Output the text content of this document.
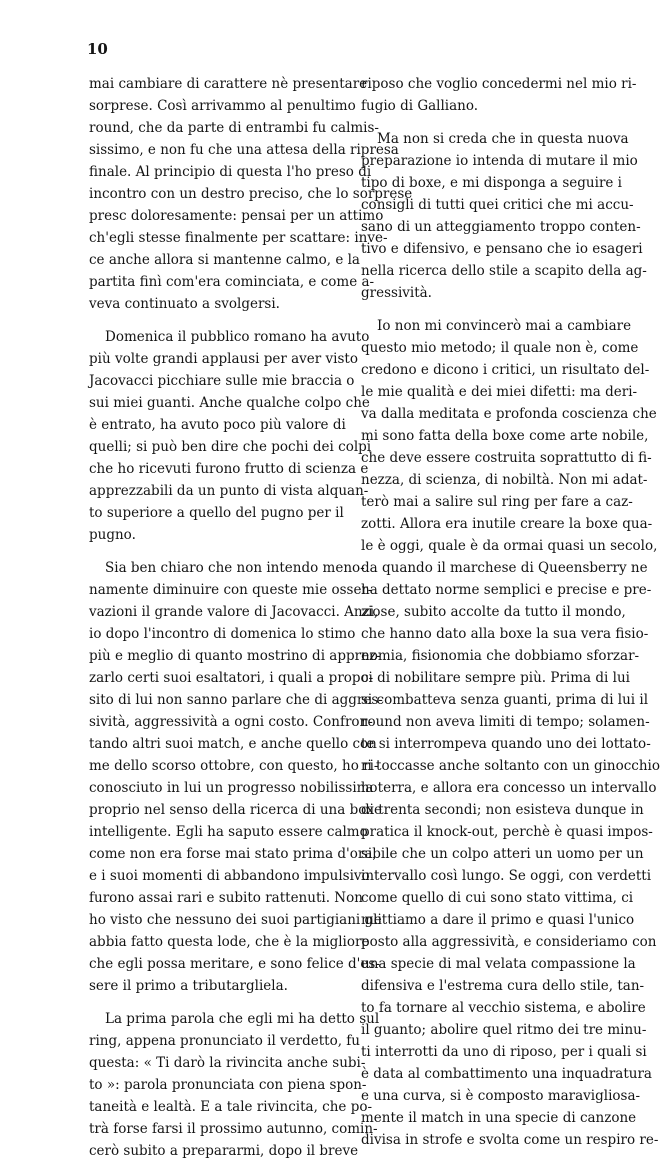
10
mai cambiare di carattere nè presentare
sorprese. Così arrivammo al penultimo
round, che da parte di entrambi fu calmis-
sissimo, e non fu che una attesa della ripresa
finale. Al principio di questa l'ho preso di
incontro con un destro preciso, che lo sorprese
presc doloresamente: pensai per un attimo
ch'egli stesse finalmente per scattare: inve-
ce anche allora si mantenne calmo, e la
partita finì com'era cominciata, e come a-
veva continuato a svolgersi.
Domenica il pubblico romano ha avuto
più volte grandi applausi per aver visto
Jacovacci picchiare sulle mie braccia o
sui miei guanti. Anche qualche colpo che
è entrato, ha avuto poco più valore di
quelli; si può ben dire che pochi dei colpi
che ho ricevuti furono frutto di scienza e
apprezzabili da un punto di vista alquan-
to superiore a quello del pugno per il
pugno.
Sia ben chiaro che non intendo meno-
namente diminuire con queste mie osser-
vazioni il grande valore di Jacovacci. Anzi,
io dopo l'incontro di domenica lo stimo
più e meglio di quanto mostrino di apprez-
zarlo certi suoi esaltatori, i quali a propo-
sito di lui non sanno parlare che di aggres-
sività, aggressività a ogni costo. Confron-
tando altri suoi match, e anche quello con
me dello scorso ottobre, con questo, ho ri-
conosciuto in lui un progresso nobilissimo
proprio nel senso della ricerca di una boxe
intelligente. Egli ha saputo essere calmo
come non era forse mai stato prima d'ora,
e i suoi momenti di abbandono impulsivo
furono assai rari e subito rattenuti. Non
ho visto che nessuno dei suoi partigiani gli
abbia fatto questa lode, che è la migliore
che egli possa meritare, e sono felice d'es-
sere il primo a tributargliela.
La prima parola che egli mi ha detto sul
ring, appena pronunciato il verdetto, fu
questa: « Ti darò la rivincita anche subi-
to »: parola pronunciata con piena spon-
taneità e lealtà. E a tale rivincita, che po-
trà forse farsi il prossimo autunno, comin-
cerò subito a prepararmi, dopo il breve
riposo che voglio concedermi nel mio ri-
fugio di Galliano.
Ma non si creda che in questa nuova
preparazione io intenda di mutare il mio
tipo di boxe, e mi disponga a seguire i
consigli di tutti quei critici che mi accu-
sano di un atteggiamento troppo conten-
tivo e difensivo, e pensano che io esageri
nella ricerca dello stile a scapito della ag-
gressività.
Io non mi convincerò mai a cambiare
questo mio metodo; il quale non è, come
credono e dicono i critici, un risultato del-
le mie qualità e dei miei difetti: ma deri-
va dalla meditata e profonda coscienza che
mi sono fatta della boxe come arte nobile,
che deve essere costruita soprattutto di fi-
nezza, di scienza, di nobiltà. Non mi adat-
terò mai a salire sul ring per fare a caz-
zotti. Allora era inutile creare la boxe qua-
le è oggi, quale è da ormai quasi un secolo,
da quando il marchese di Queensberry ne
ha dettato norme semplici e precise e pre-
ziose, subito accolte da tutto il mondo,
che hanno dato alla boxe la sua vera fisio-
nomia, fisionomia che dobbiamo sforzar-
ci di nobilitare sempre più. Prima di lui
si combatteva senza guanti, prima di lui il
round non aveva limiti di tempo; solamen-
te si interrompeva quando uno dei lottato-
ri toccasse anche soltanto con un ginocchio
la terra, e allora era concesso un intervallo
di trenta secondi; non esisteva dunque in
pratica il knock-out, perchè è quasi impos-
sibile che un colpo atteri un uomo per un
intervallo così lungo. Se oggi, con verdetti
come quello di cui sono stato vittima, ci
mettiamo a dare il primo e quasi l'unico
posto alla aggressività, e consideriamo con
una specie di mal velata compassione la
difensiva e l'estrema cura dello stile, tan-
to fa tornare al vecchio sistema, e abolire
il guanto; abolire quel ritmo dei tre minu-
ti interrotti da uno di riposo, per i quali si
è data al combattimento una inquadratura
e una curva, si è composto maravigliosa-
mente il match in una specie di canzone
divisa in strofe e svolta come un respiro re-
